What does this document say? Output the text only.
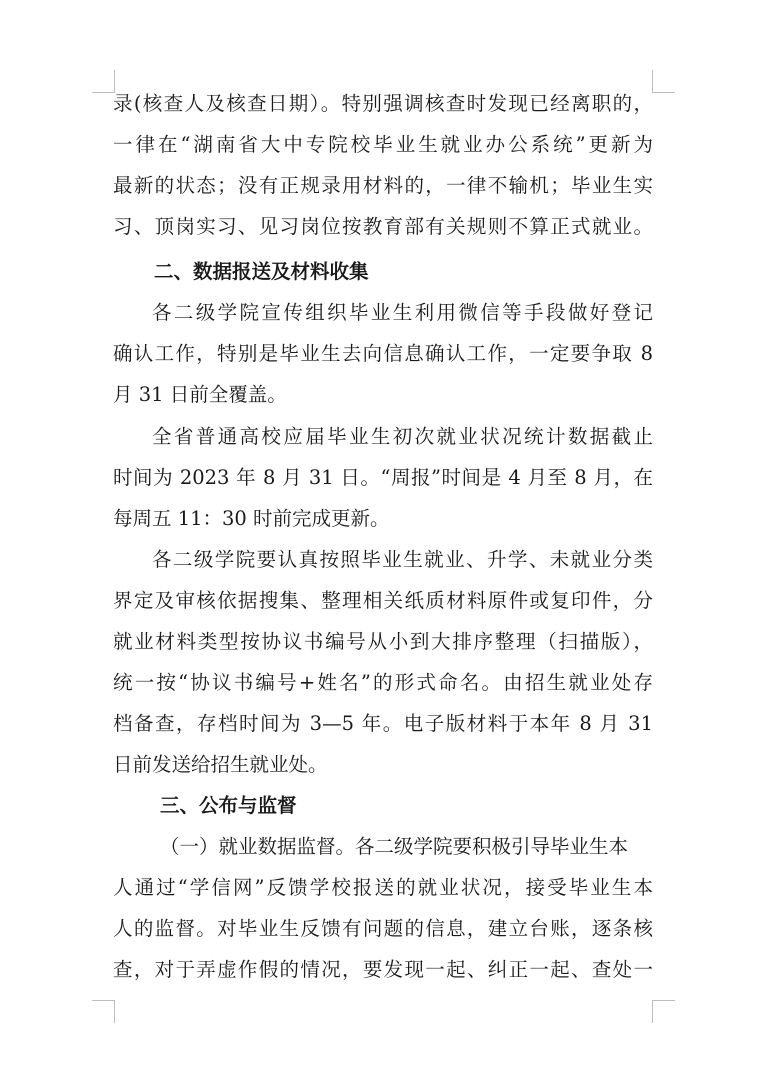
录(核查人及核查日期）。特别强调核查时发现已经离职的，

一律在“湖南省大中专院校毕业生就业办公系统”更新为

最新的状态；没有正规录用材料的，一律不输机；毕业生实

习、顶岗实习、见习岗位按教育部有关规则不算正式就业。

二、数据报送及材料收集

各二级学院宣传组织毕业生利用微信等手段做好登记

确认工作，特别是毕业生去向信息确认工作，一定要争取 8

月 31 日前全覆盖。

全省普通高校应届毕业生初次就业状况统计数据截止

时间为 2023 年 8 月 31 日。“周报”时间是 4 月至 8 月，在

每周五 11：30 时前完成更新。

各二级学院要认真按照毕业生就业、升学、未就业分类

界定及审核依据搜集、整理相关纸质材料原件或复印件，分

就业材料类型按协议书编号从小到大排序整理（扫描版），

统一按“协议书编号+姓名”的形式命名。由招生就业处存

档备查，存档时间为 3—5 年。电子版材料于本年 8 月 31

日前发送给招生就业处。

三、公布与监督

（一）就业数据监督。各二级学院要积极引导毕业生本

人通过“学信网”反馈学校报送的就业状况，接受毕业生本

人的监督。对毕业生反馈有问题的信息，建立台账，逐条核

查，对于弄虚作假的情况，要发现一起、纠正一起、查处一
